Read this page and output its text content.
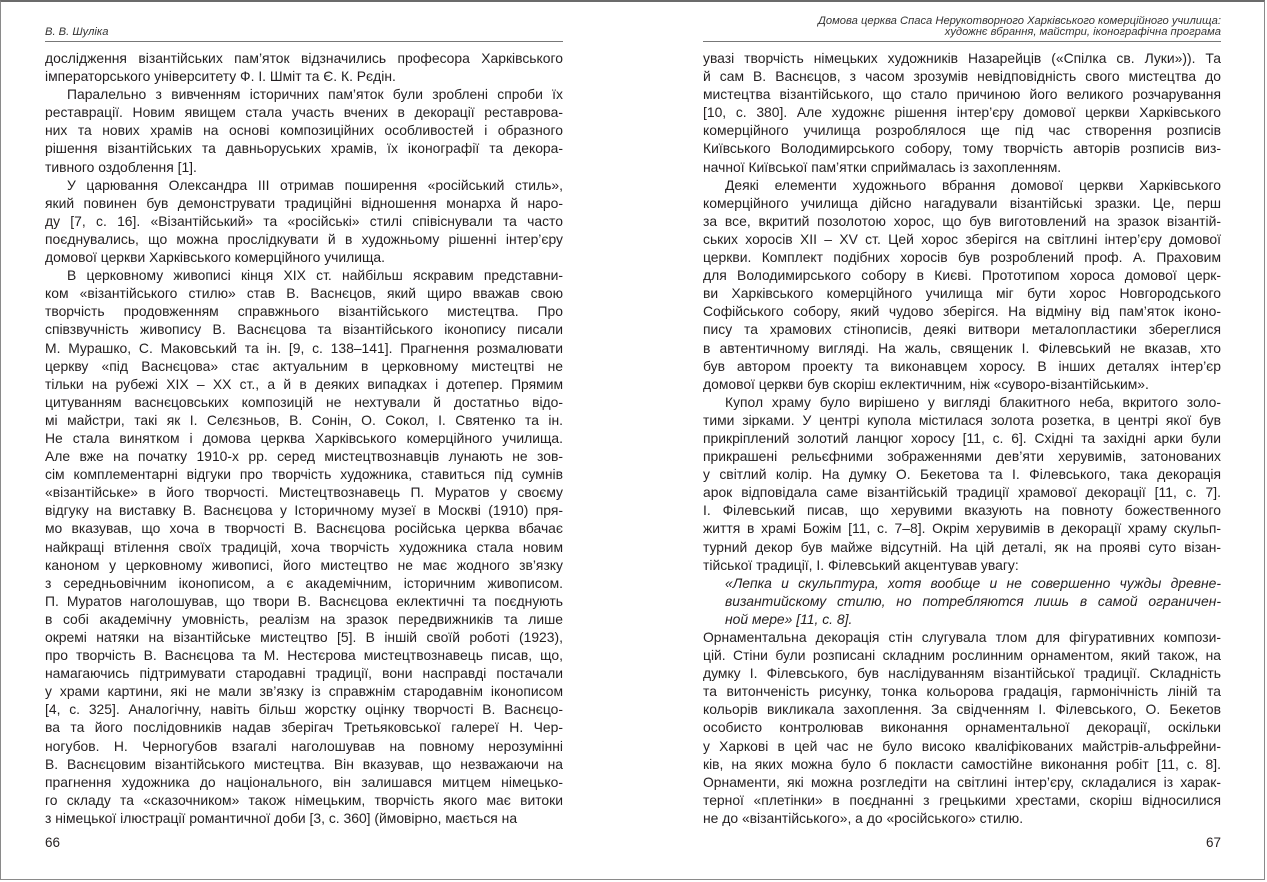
В. В. Шуліка
дослідження візантійських пам’яток відзначились професора Харківського
імператорського університету Ф. І. Шміт та Є. К. Рєдін.
Паралельно з вивченням історичних пам’яток були зроблені спроби їх
реставрації. Новим явищем стала участь вчених в декорації реставрова-
них та нових храмів на основі композиційних особливостей і образного
рішення візантійських та давньоруських храмів, їх іконографії та декора-
тивного оздоблення [1].
У царювання Олександра III отримав поширення «російський стиль»,
який повинен був демонструвати традиційні відношення монарха й наро-
ду [7, с. 16]. «Візантійський» та «російські» стилі співіснували та часто
поєднувались, що можна прослідкувати й в художньому рішенні інтер’єру
домової церкви Харківського комерційного училища.
В церковному живописі кінця XIX ст. найбільш яскравим представни-
ком «візантійського стилю» став В. Васнєцов, який щиро вважав свою
творчість продовженням справжнього візантійського мистецтва. Про
співзвучність живопису В. Васнєцова та візантійського іконопису писали
М. Мурашко, С. Маковський та ін. [9, с. 138–141]. Прагнення розмалювати
церкву «під Васнєцова» стає актуальним в церковному мистецтві не
тільки на рубежі XIX – XX ст., а й в деяких випадках і дотепер. Прямим
цитуванням васнєцовських композицій не нехтували й достатньо відо-
мі майстри, такі як І. Селєзньов, В. Сонін, О. Сокол, І. Святенко та ін.
Не стала винятком і домова церква Харківського комерційного училища.
Але вже на початку 1910-х рр. серед мистецтвознавців лунають не зов-
сім комплементарні відгуки про творчість художника, ставиться під сумнів
«візантійське» в його творчості. Мистецтвознавець П. Муратов у своєму
відгуку на виставку В. Васнєцова у Історичному музеї в Москві (1910) пря-
мо вказував, що хоча в творчості В. Васнєцова російська церква вбачає
найкращі втілення своїх традицій, хоча творчість художника стала новим
каноном у церковному живописі, його мистецтво не має жодного зв’язку
з середньовічним іконописом, а є академічним, історичним живописом.
П. Муратов наголошував, що твори В. Васнєцова еклектичні та поєднують
в собі академічну умовність, реалізм на зразок передвижників та лише
окремі натяки на візантійське мистецтво [5]. В іншій своїй роботі (1923),
про творчість В. Васнєцова та М. Нестєрова мистецтвознавець писав, що,
намагаючись підтримувати стародавні традиції, вони насправді постачали
у храми картини, які не мали зв’язку із справжнім стародавнім іконописом
[4, с. 325]. Аналогічну, навіть більш жорстку оцінку творчості В. Васнєцо-
ва та його послідовників надав зберігач Третьяковської галереї Н. Чер-
ногубов. Н. Черногубов взагалі наголошував на повному нерозумінні
В. Васнєцовим візантійського мистецтва. Він вказував, що незважаючи на
прагнення художника до національного, він залишався митцем німецько-
го складу та «сказочником» також німецьким, творчість якого має витоки
з німецької ілюстрації романтичної доби [3, с. 360] (ймовірно, мається на
66
Домова церква Спаса Нерукотворного Харківського комерційного училища:
художнє вбрання, майстри, іконографічна програма
увазі творчість німецьких художників Назарейців («Спілка св. Луки»)). Та
й сам В. Васнєцов, з часом зрозумів невідповідність свого мистецтва до
мистецтва візантійського, що стало причиною його великого розчарування
[10, с. 380]. Але художнє рішення інтер’єру домової церкви Харківського
комерційного училища розроблялося ще під час створення розписів
Київського Володимирського собору, тому творчість авторів розписів виз-
начної Київської пам’ятки сприймалась із захопленням.
Деякі елементи художнього вбрання домової церкви Харківського
комерційного училища дійсно нагадували візантійські зразки. Це, перш
за все, вкритий позолотою хорос, що був виготовлений на зразок візантій-
ських хоросів XII – XV ст. Цей хорос зберігся на світлині інтер’єру домової
церкви. Комплект подібних хоросів був розроблений проф. А. Праховим
для Володимирського собору в Києві. Прототипом хороса домової церк-
ви Харківського комерційного училища міг бути хорос Новгородського
Софійського собору, який чудово зберігся. На відміну від пам’яток іконо-
пису та храмових стінописів, деякі витвори металопластики збереглися
в автентичному вигляді. На жаль, священик І. Філевський не вказав, хто
був автором проекту та виконавцем хоросу. В інших деталях інтер’єр
домової церкви був скоріш еклектичним, ніж «суворо-візантійським».
Купол храму було вирішено у вигляді блакитного неба, вкритого золо-
тими зірками. У центрі купола містилася золота розетка, в центрі якої був
прикріплений золотий ланцюг хоросу [11, с. 6]. Східні та західні арки були
прикрашені рельєфними зображеннями дев’яти херувимів, затонованих
у світлий колір. На думку О. Бекетова та І. Філевського, така декорація
арок відповідала саме візантійській традиції храмової декорації [11, с. 7].
І. Філевський писав, що херувими вказують на повноту божественного
життя в храмі Божім [11, с. 7–8]. Окрім херувимів в декорації храму скульп-
турний декор був майже відсутній. На цій деталі, як на прояві суто візан-
тійської традиції, І. Філевський акцентував увагу:
«Лепка и скульптура, хотя вообще и не совершенно чужды древне-
византийскому стилю, но потребляются лишь в самой ограничен-
ной мере» [11, с. 8].
Орнаментальна декорація стін слугувала тлом для фігуративних компози-
цій. Стіни були розписані складним рослинним орнаментом, який також, на
думку І. Філевського, був наслідуванням візантійської традиції. Складність
та витонченість рисунку, тонка кольорова градація, гармонічність ліній та
кольорів викликала захоплення. За свідченням І. Філевського, О. Бекетов
особисто контролював виконання орнаментальної декорації, оскільки
у Харкові в цей час не було високо кваліфікованих майстрів-альфрейни-
ків, на яких можна було б покласти самостійне виконання робіт [11, с. 8].
Орнаменти, які можна розгледіти на світлині інтер’єру, складалися із харак-
терної «плетінки» в поєднанні з грецькими хрестами, скоріш відносилися
не до «візантійського», а до «російського» стилю.
67
